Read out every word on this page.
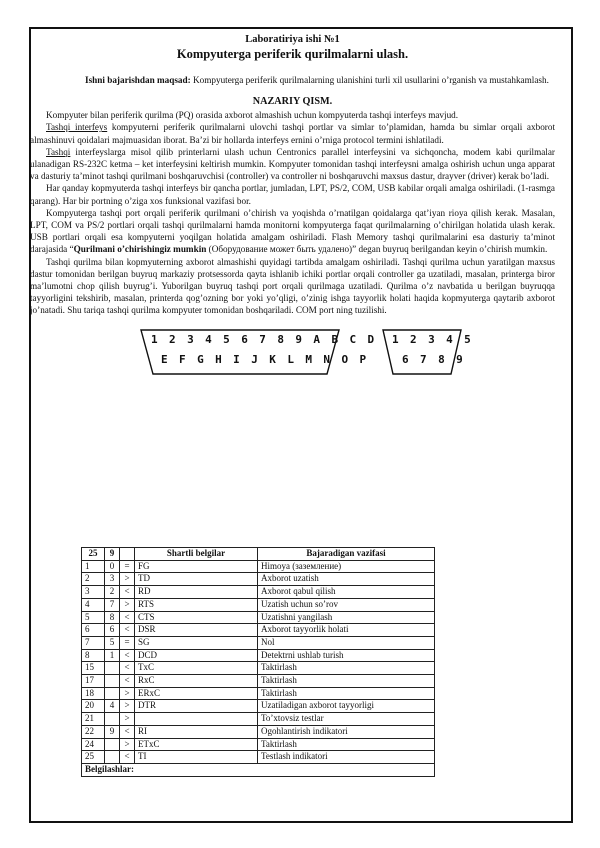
Laboratiriya ishi №1
Kompyuterga periferik qurilmalarni ulash.

Ishni bajarishdan maqsad: Kompyuterga periferik qurilmalarning ulanishini turli xil usullarini o’rganish va mustahkamlash.

NAZARIY QISM.

Kompyuter bilan periferik qurilma (PQ) orasida axborot almashish uchun kompyuterda tashqi interfeys mavjud.

Tashqi interfeys kompyuterni periferik qurilmalarni ulovchi tashqi portlar va simlar to’plamidan, hamda bu simlar orqali axborot almashinuvi qoidalari majmuasidan iborat. Ba’zi bir hollarda interfeys ernini o’rniga protocol termini ishlatiladi.

Tashqi interfeyslarga misol qilib printerlarni ulash uchun Centronics parallel interfeysini va sichqoncha, modem kabi qurilmalar ulanadigan RS-232C ketma – ket interfeysini keltirish mumkin. Kompyuter tomonidan tashqi interfeysni amalga oshirish uchun unga apparat va dasturiy ta’minot tashqi qurilmani boshqaruvchisi (controller) va controller ni boshqaruvchi maxsus dastur, drayver (driver) kerak bo’ladi.

Har qanday kopmyuterda tashqi interfeys bir qancha portlar, jumladan, LPT, PS/2, COM, USB kabilar orqali amalga oshiriladi. (1-rasmga qarang). Har bir portning o’ziga xos funksional vazifasi bor.

Kompyuterga tashqi port orqali periferik qurilmani o’chirish va yoqishda o’rnatilgan qoidalarga qat’iyan rioya qilish kerak. Masalan, LPT, COM va PS/2 portlari orqali tashqi qurilmalarni hamda monitorni kompyuterga faqat qurilmalarning o’chirilgan holatida ulash kerak. USB portlari orqali esa kompyuterni yoqilgan holatida amalgam oshiriladi. Flash Memory tashqi qurilmalarini esa dasturiy ta’minot darajasida “Qurilmani o’chirishingiz mumkin (Оборудование может быть удалено)” degan buyruq berilgandan keyin o’chirish mumkin.

Tashqi qurilma bilan kopmyuterning axborot almashishi quyidagi tartibda amalgam oshiriladi. Tashqi qurilma uchun yaratilgan maxsus dastur tomonidan berilgan buyruq markaziy protsessorda qayta ishlanib ichiki portlar orqali controller ga uzatiladi, masalan, printerga biror ma’lumotni chop qilish buyrug’i. Yuborilgan buyruq tashqi port orqali qurilmaga uzatiladi. Qurilma o’z navbatida u berilgan buyruqqa tayyorligini tekshirib, masalan, printerda qog’ozning bor yoki yo’qligi, o’zinig ishga tayyorlik holati haqida kopmyuterga qaytarib axborot jo’natadi. Shu tariqa tashqi qurilma kompyuter tomonidan boshqariladi. COM port ning tuzilishi.

1 2 3 4 5 6 7 8 9 A B C D
E F G H I J K L M N O P
1 2 3 4 5
6 7 8 9
25	9		Shartli belgilar	Bajaradigan vazifasi
1	0	=	FG	Himoya (заземление)
2	3	>	TD	Axborot uzatish
3	2	<	RD	Axborot qabul qilish
4	7	>	RTS	Uzatish uchun so’rov
5	8	<	CTS	Uzatishni yangilash
6	6	<	DSR	Axborot tayyorlik holati
7	5	=	SG	Nol
8	1	<	DCD	Detektrni ushlab turish
15		<	TxC	Taktirlash
17		<	RxC	Taktirlash
18		>	ERxC	Taktirlash
20	4	>	DTR	Uzatiladigan axborot tayyorligi
21		>		To’xtovsiz testlar
22	9	<	RI	Ogohlantirish indikatori
24		>	ETxC	Taktirlash
25		<	TI	Testlash indikatori
Belgilashlar:				
